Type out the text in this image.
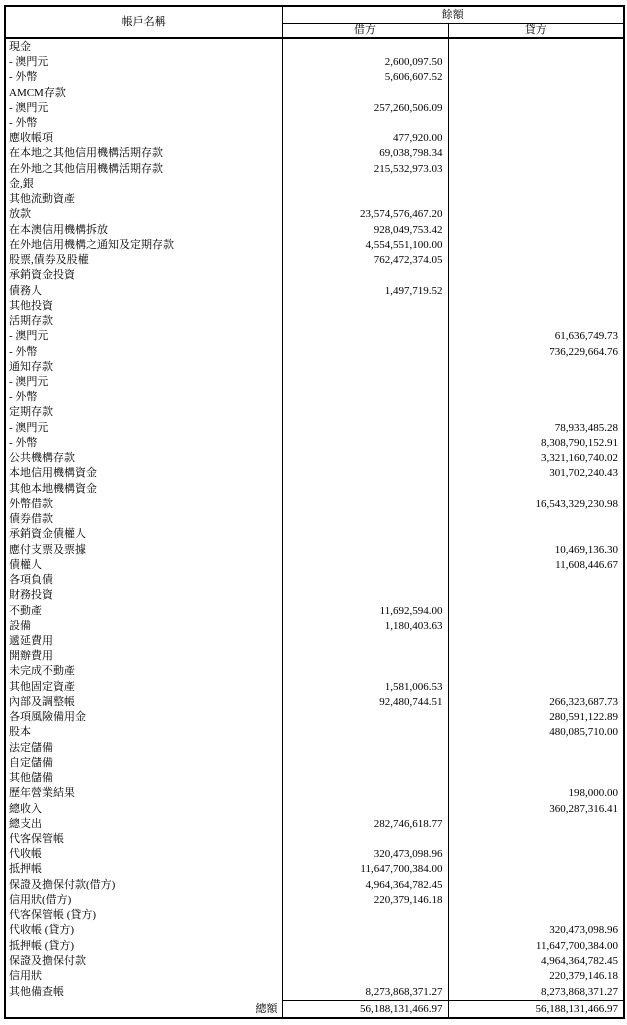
帳戶名稱	餘額	
	借方	貸方
現金		
- 澳門元	2,600,097.50	
- 外幣	5,606,607.52	
AMCM存款		
- 澳門元	257,260,506.09	
- 外幣		
應收帳項	477,920.00	
在本地之其他信用機構活期存款	69,038,798.34	
在外地之其他信用機構活期存款	215,532,973.03	
金,銀		
其他流動資產		
放款	23,574,576,467.20	
在本澳信用機構拆放	928,049,753.42	
在外地信用機構之通知及定期存款	4,554,551,100.00	
股票,債券及股權	762,472,374.05	
承銷資金投資		
債務人	1,497,719.52	
其他投資		
活期存款		
- 澳門元		61,636,749.73
- 外幣		736,229,664.76
通知存款		
- 澳門元		
- 外幣		
定期存款		
- 澳門元		78,933,485.28
- 外幣		8,308,790,152.91
公共機構存款		3,321,160,740.02
本地信用機構資金		301,702,240.43
其他本地機構資金		
外幣借款		16,543,329,230.98
債券借款		
承銷資金債權人		
應付支票及票據		10,469,136.30
債權人		11,608,446.67
各項負債		
財務投資		
不動產	11,692,594.00	
設備	1,180,403.63	
遞延費用		
開辦費用		
未完成不動產		
其他固定資產	1,581,006.53	
內部及調整帳	92,480,744.51	266,323,687.73
各項風險備用金		280,591,122.89
股本		480,085,710.00
法定儲備		
自定儲備		
其他儲備		
歷年營業結果		198,000.00
總收入		360,287,316.41
總支出	282,746,618.77	
代客保管帳		
代收帳	320,473,098.96	
抵押帳	11,647,700,384.00	
保證及擔保付款(借方)	4,964,364,782.45	
信用狀(借方)	220,379,146.18	
代客保管帳 (貸方)		
代收帳 (貸方)		320,473,098.96
抵押帳 (貸方)		11,647,700,384.00
保證及擔保付款		4,964,364,782.45
信用狀		220,379,146.18
其他備查帳	8,273,868,371.27	8,273,868,371.27
總額	56,188,131,466.97	56,188,131,466.97
